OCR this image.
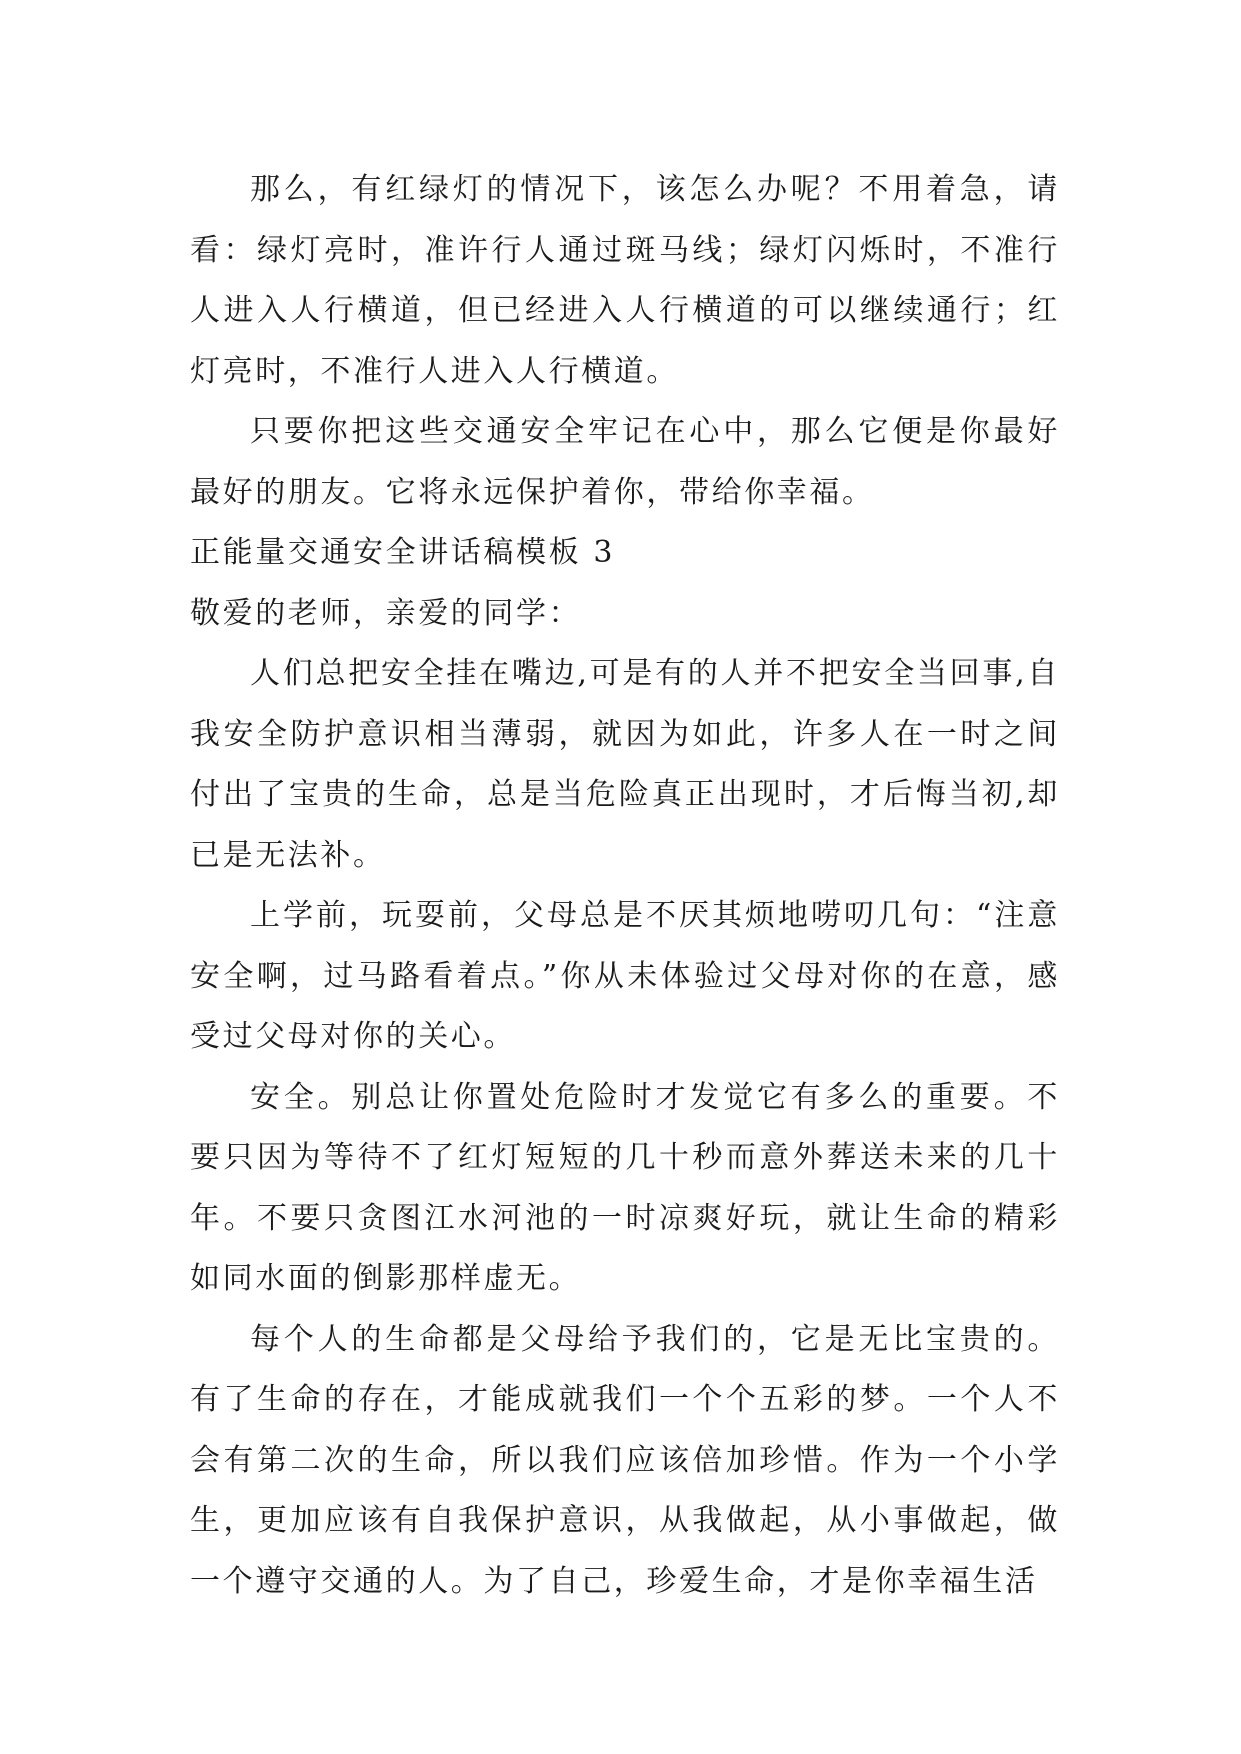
那么，有红绿灯的情况下，该怎么办呢？不用着急，请看：绿灯亮时，准许行人通过斑马线；绿灯闪烁时，不准行人进入人行横道，但已经进入人行横道的可以继续通行；红灯亮时，不准行人进入人行横道。

只要你把这些交通安全牢记在心中，那么它便是你最好最好的朋友。它将永远保护着你，带给你幸福。

正能量交通安全讲话稿模板 3

敬爱的老师，亲爱的同学：

人们总把安全挂在嘴边,可是有的人并不把安全当回事,自我安全防护意识相当薄弱，就因为如此，许多人在一时之间付出了宝贵的生命，总是当危险真正出现时，才后悔当初,却已是无法补。

上学前，玩耍前，父母总是不厌其烦地唠叨几句：“注意安全啊，过马路看着点。”你从未体验过父母对你的在意，感受过父母对你的关心。

安全。别总让你置处危险时才发觉它有多么的重要。不要只因为等待不了红灯短短的几十秒而意外葬送未来的几十年。不要只贪图江水河池的一时凉爽好玩，就让生命的精彩如同水面的倒影那样虚无。

每个人的生命都是父母给予我们的，它是无比宝贵的。有了生命的存在，才能成就我们一个个五彩的梦。一个人不会有第二次的生命，所以我们应该倍加珍惜。作为一个小学生，更加应该有自我保护意识，从我做起，从小事做起，做一个遵守交通的人。为了自己，珍爱生命，才是你幸福生活
